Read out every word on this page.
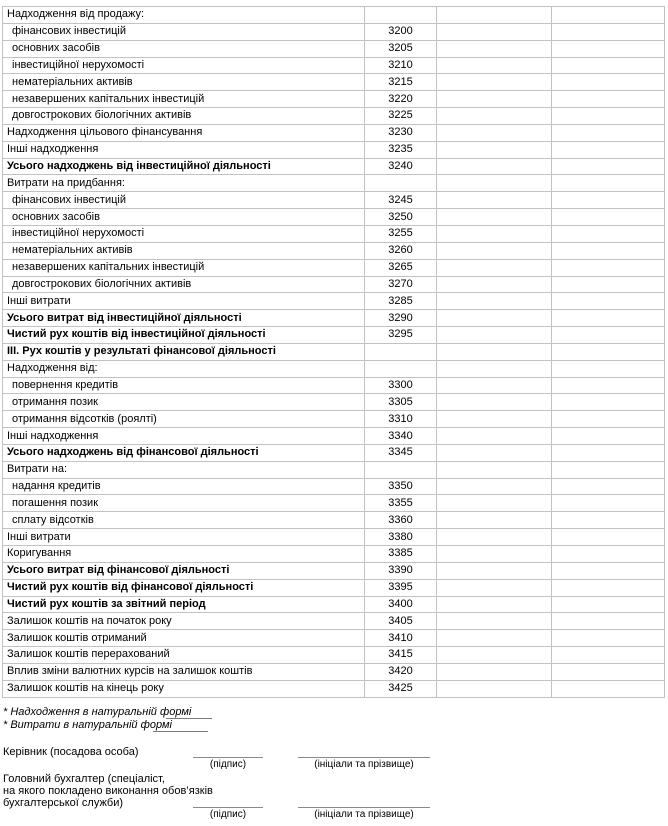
Надходження від продажу:			
фінансових інвестицій	3200		
основних засобів	3205		
інвестиційної нерухомості	3210		
нематеріальних активів	3215		
незавершених капітальних інвестицій	3220		
довгострокових біологічних активів	3225		
Надходження цільового фінансування	3230		
Інші надходження	3235		
Усього надходжень від інвестиційної діяльності	3240		
Витрати на придбання:			
фінансових інвестицій	3245		
основних засобів	3250		
інвестиційної нерухомості	3255		
нематеріальних активів	3260		
незавершених капітальних інвестицій	3265		
довгострокових біологічних активів	3270		
Інші витрати	3285		
Усього витрат від інвестиційної діяльності	3290		
Чистий рух коштів від інвестиційної діяльності	3295		
III. Рух коштів у результаті фінансової діяльності			
Надходження від:			
повернення кредитів	3300		
отримання позик	3305		
отримання відсотків (роялті)	3310		
Інші надходження	3340		
Усього надходжень від фінансової діяльності	3345		
Витрати на:			
надання кредитів	3350		
погашення позик	3355		
сплату відсотків	3360		
Інші витрати	3380		
Коригування	3385		
Усього витрат від фінансової діяльності	3390		
Чистий рух коштів від фінансової діяльності	3395		
Чистий рух коштів за звітний період	3400		
Залишок коштів на початок року	3405		
Залишок коштів отриманий	3410		
Залишок коштів перерахований	3415		
Вплив зміни валютних курсів на залишок коштів	3420		
Залишок коштів на кінець року	3425		
* Надходження в натуральній формі
* Витрати в натуральній формі
Керівник (посадова особа)
(підпис)	(ініціали та прізвище)
Головний бухгалтер (спеціаліст,
на якого покладено виконання обов’язків
бухгалтерської служби)
(підпис)	(ініціали та прізвище)
